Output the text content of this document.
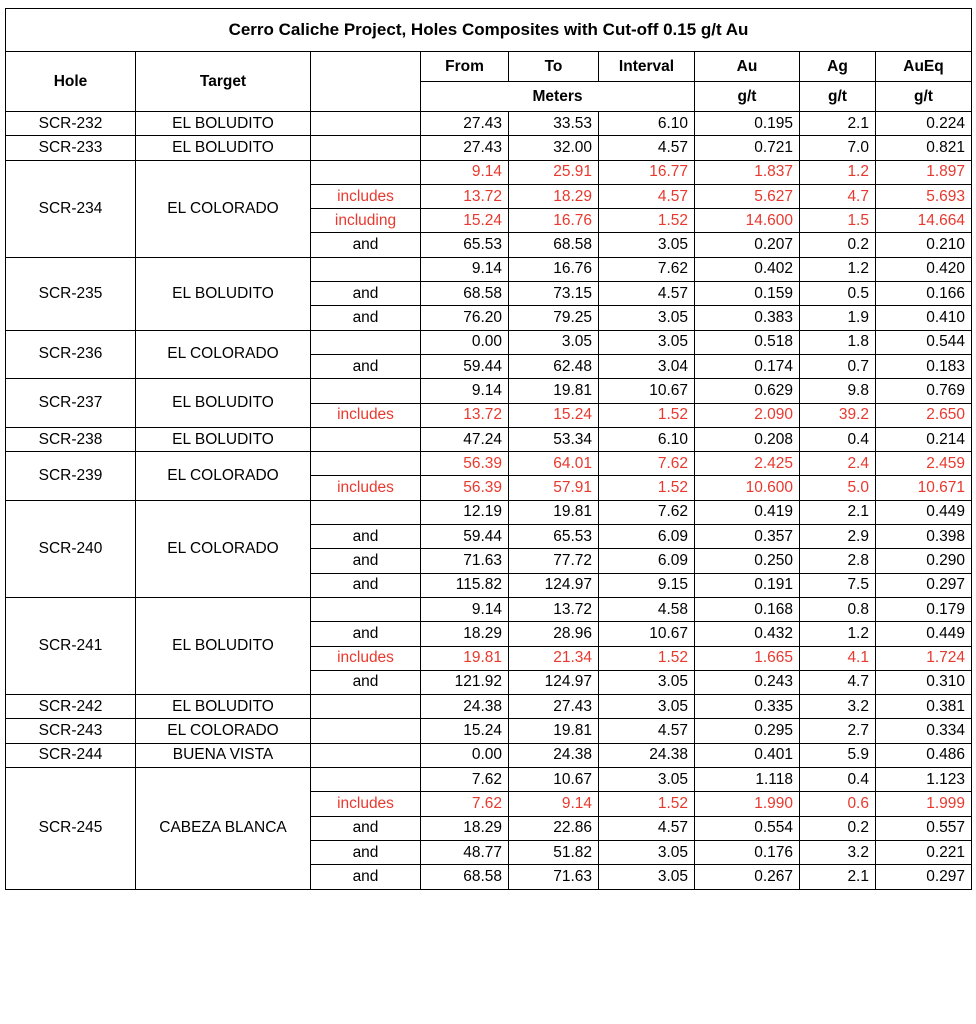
Cerro Caliche Project, Holes Composites with Cut-off 0.15 g/t Au								
Hole	Target		From	To	Interval	Au	Ag	AuEq
			Meters			g/t	g/t	g/t
SCR-232	EL BOLUDITO		27.43	33.53	6.10	0.195	2.1	0.224
SCR-233	EL BOLUDITO		27.43	32.00	4.57	0.721	7.0	0.821
SCR-234	EL COLORADO		9.14	25.91	16.77	1.837	1.2	1.897
		includes	13.72	18.29	4.57	5.627	4.7	5.693
		including	15.24	16.76	1.52	14.600	1.5	14.664
		and	65.53	68.58	3.05	0.207	0.2	0.210
SCR-235	EL BOLUDITO		9.14	16.76	7.62	0.402	1.2	0.420
		and	68.58	73.15	4.57	0.159	0.5	0.166
		and	76.20	79.25	3.05	0.383	1.9	0.410
SCR-236	EL COLORADO		0.00	3.05	3.05	0.518	1.8	0.544
		and	59.44	62.48	3.04	0.174	0.7	0.183
SCR-237	EL BOLUDITO		9.14	19.81	10.67	0.629	9.8	0.769
		includes	13.72	15.24	1.52	2.090	39.2	2.650
SCR-238	EL BOLUDITO		47.24	53.34	6.10	0.208	0.4	0.214
SCR-239	EL COLORADO		56.39	64.01	7.62	2.425	2.4	2.459
		includes	56.39	57.91	1.52	10.600	5.0	10.671
SCR-240	EL COLORADO		12.19	19.81	7.62	0.419	2.1	0.449
		and	59.44	65.53	6.09	0.357	2.9	0.398
		and	71.63	77.72	6.09	0.250	2.8	0.290
		and	115.82	124.97	9.15	0.191	7.5	0.297
SCR-241	EL BOLUDITO		9.14	13.72	4.58	0.168	0.8	0.179
		and	18.29	28.96	10.67	0.432	1.2	0.449
		includes	19.81	21.34	1.52	1.665	4.1	1.724
		and	121.92	124.97	3.05	0.243	4.7	0.310
SCR-242	EL BOLUDITO		24.38	27.43	3.05	0.335	3.2	0.381
SCR-243	EL COLORADO		15.24	19.81	4.57	0.295	2.7	0.334
SCR-244	BUENA VISTA		0.00	24.38	24.38	0.401	5.9	0.486
SCR-245	CABEZA BLANCA		7.62	10.67	3.05	1.118	0.4	1.123
		includes	7.62	9.14	1.52	1.990	0.6	1.999
		and	18.29	22.86	4.57	0.554	0.2	0.557
		and	48.77	51.82	3.05	0.176	3.2	0.221
		and	68.58	71.63	3.05	0.267	2.1	0.297
